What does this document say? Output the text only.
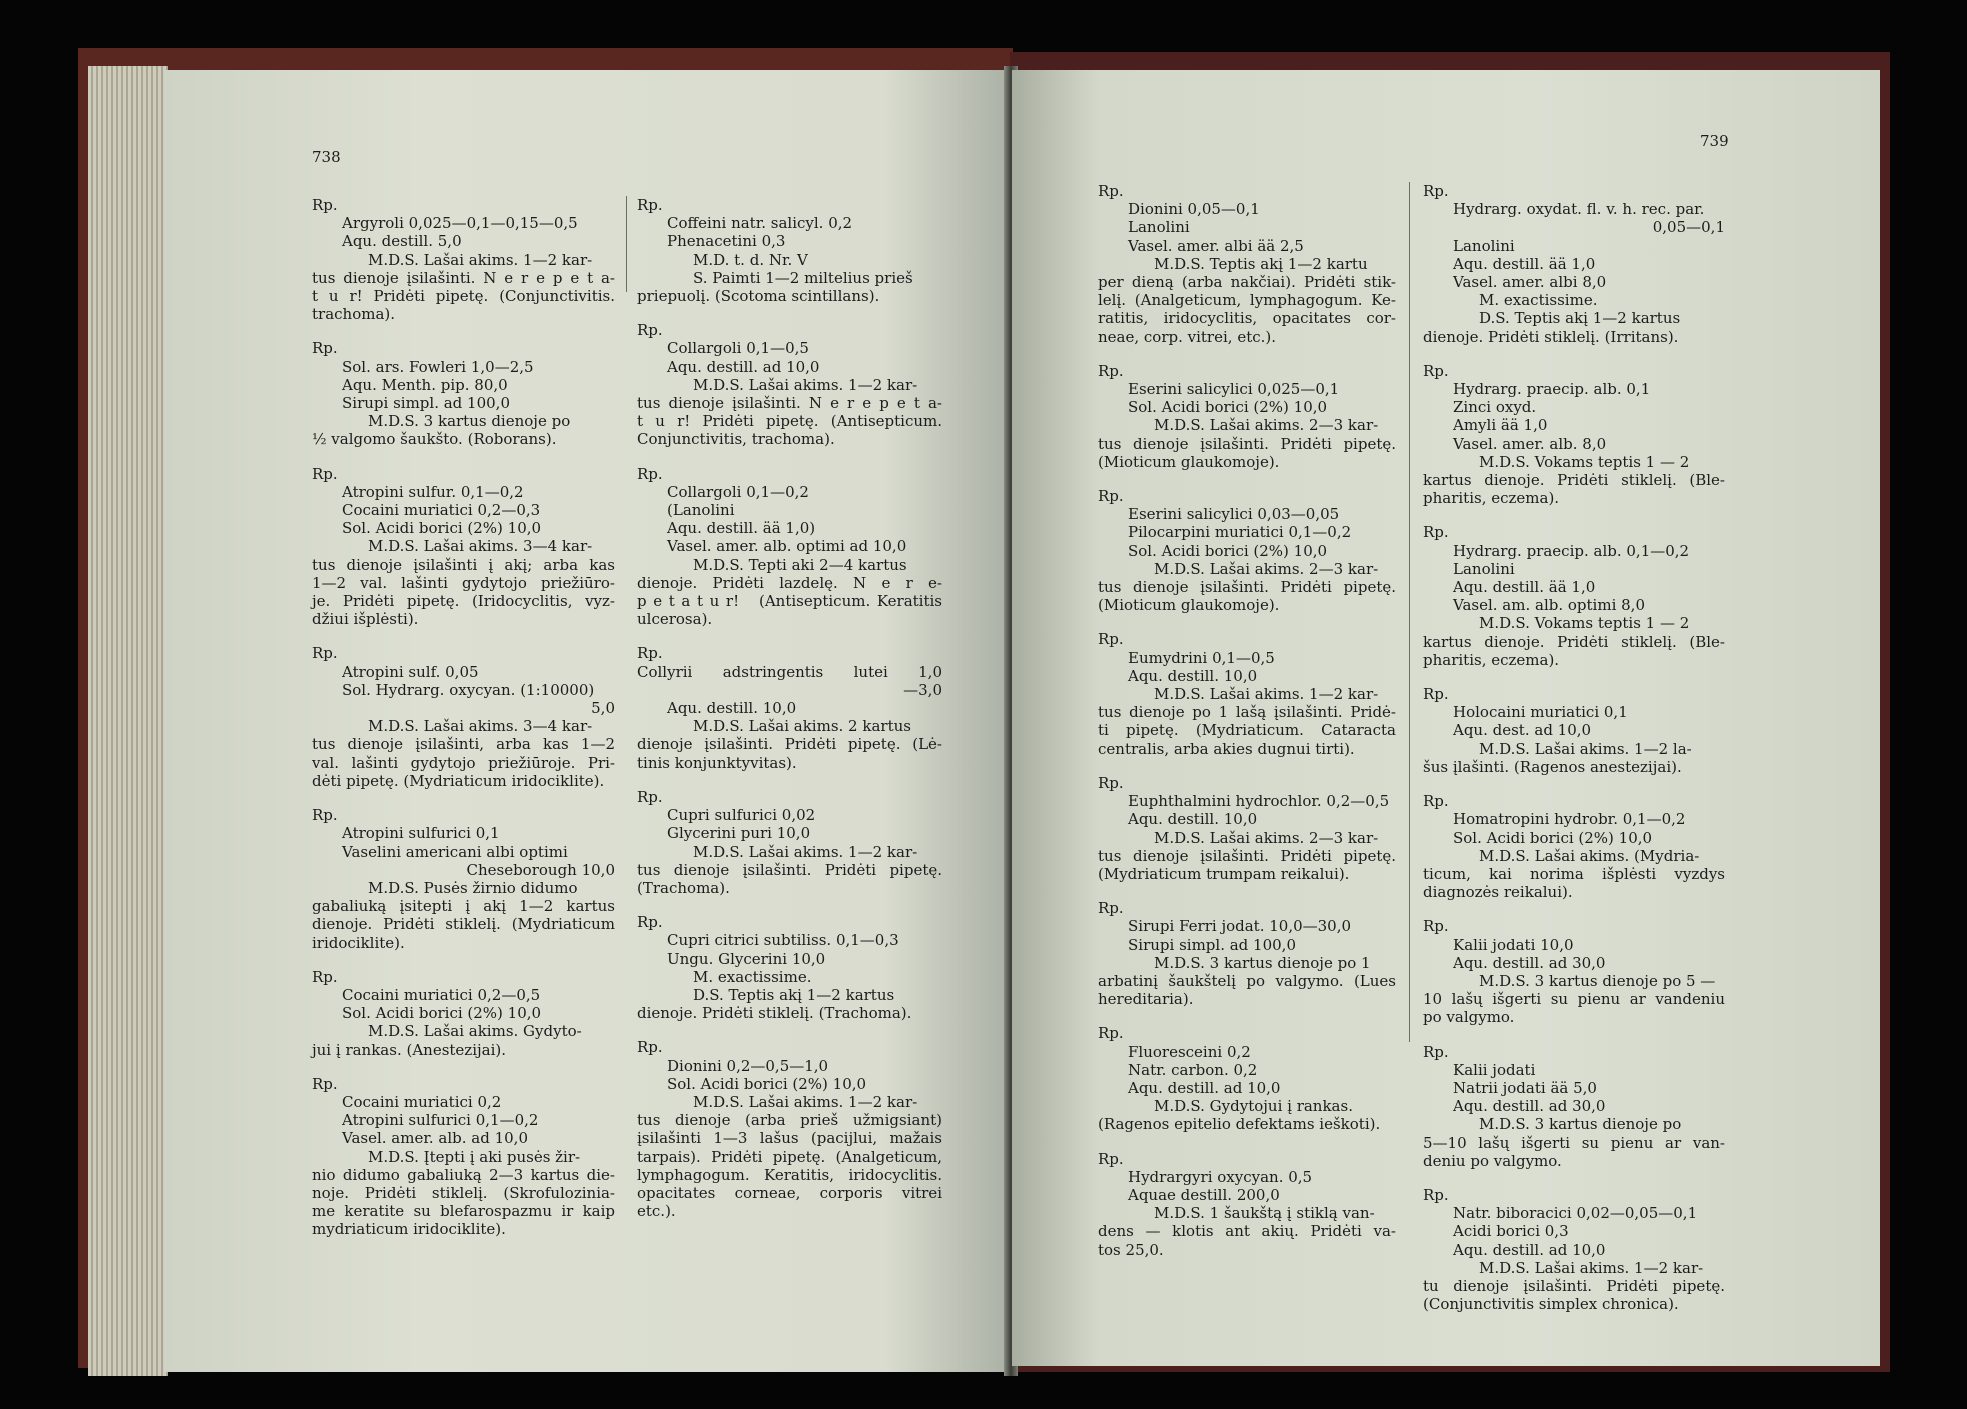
738
Rp.
Argyroli 0,025—0,1—0,15—0,5
Aqu. destill. 5,0
M.D.S. Lašai akims. 1—2 kar-
tus dienoje įsilašinti. N e r e p e t a-
t u r! Pridėti pipetę. (Conjunctivitis.
trachoma).
Rp.
Sol. ars. Fowleri 1,0—2,5
Aqu. Menth. pip. 80,0
Sirupi simpl. ad 100,0
M.D.S. 3 kartus dienoje po
½ valgomo šaukšto. (Roborans).
Rp.
Atropini sulfur. 0,1—0,2
Cocaini muriatici 0,2—0,3
Sol. Acidi borici (2%) 10,0
M.D.S. Lašai akims. 3—4 kar-
tus dienoje įsilašinti į akį; arba kas
1—2 val. lašinti gydytojo priežiūro-
je. Pridėti pipetę. (Iridocyclitis, vyz-
džiui išplėsti).
Rp.
Atropini sulf. 0,05
Sol. Hydrarg. oxycyan. (1:10000)
5,0
M.D.S. Lašai akims. 3—4 kar-
tus dienoje įsilašinti, arba kas 1—2
val. lašinti gydytojo priežiūroje. Pri-
dėti pipetę. (Mydriaticum iridociklite).
Rp.
Atropini sulfurici 0,1
Vaselini americani albi optimi
Cheseborough 10,0
M.D.S. Pusės žirnio didumo
gabaliuką įsitepti į akį 1—2 kartus
dienoje. Pridėti stiklelį. (Mydriaticum
iridociklite).
Rp.
Cocaini muriatici 0,2—0,5
Sol. Acidi borici (2%) 10,0
M.D.S. Lašai akims. Gydyto-
jui į rankas. (Anestezijai).
Rp.
Cocaini muriatici 0,2
Atropini sulfurici 0,1—0,2
Vasel. amer. alb. ad 10,0
M.D.S. Įtepti į aki pusės žir-
nio didumo gabaliuką 2—3 kartus die-
noje. Pridėti stiklelį. (Skrofulozinia-
me keratite su blefarospazmu ir kaip
mydriaticum iridociklite).
Rp.
Coffeini natr. salicyl. 0,2
Phenacetini 0,3
M.D. t. d. Nr. V
S. Paimti 1—2 miltelius prieš
priepuolį. (Scotoma scintillans).
Rp.
Collargoli 0,1—0,5
Aqu. destill. ad 10,0
M.D.S. Lašai akims. 1—2 kar-
tus dienoje įsilašinti. N e r e p e t a-
t u r! Pridėti pipetę. (Antisepticum.
Conjunctivitis, trachoma).
Rp.
Collargoli 0,1—0,2
(Lanolini
Aqu. destill. ää 1,0)
Vasel. amer. alb. optimi ad 10,0
M.D.S. Tepti aki 2—4 kartus
dienoje. Pridėti lazdelę. N e r e-
p e t a t u r!   (Antisepticum. Keratitis
ulcerosa).
Rp.
Collyrii adstringentis lutei 1,0
—3,0
Aqu. destill. 10,0
M.D.S. Lašai akims. 2 kartus
dienoje įsilašinti. Pridėti pipetę. (Lė-
tinis konjunktyvitas).
Rp.
Cupri sulfurici 0,02
Glycerini puri 10,0
M.D.S. Lašai akims. 1—2 kar-
tus dienoje įsilašinti. Pridėti pipetę.
(Trachoma).
Rp.
Cupri citrici subtiliss. 0,1—0,3
Ungu. Glycerini 10,0
M. exactissime.
D.S. Teptis akį 1—2 kartus
dienoje. Pridėti stiklelį. (Trachoma).
Rp.
Dionini 0,2—0,5—1,0
Sol. Acidi borici (2%) 10,0
M.D.S. Lašai akims. 1—2 kar-
tus dienoje (arba prieš užmigsiant)
įsilašinti 1—3 lašus (pacijlui, mažais
tarpais). Pridėti pipetę. (Analgeticum,
lymphagogum. Keratitis, iridocyclitis.
opacitates corneae, corporis vitrei
etc.).
739
Rp.
Dionini 0,05—0,1
Lanolini
Vasel. amer. albi ää 2,5
M.D.S. Teptis akį 1—2 kartu
per dieną (arba nakčiai). Pridėti stik-
lelį. (Analgeticum, lymphagogum. Ke-
ratitis, iridocyclitis, opacitates cor-
neae, corp. vitrei, etc.).
Rp.
Eserini salicylici 0,025—0,1
Sol. Acidi borici (2%) 10,0
M.D.S. Lašai akims. 2—3 kar-
tus dienoje įsilašinti. Pridėti pipetę.
(Mioticum glaukomoje).
Rp.
Eserini salicylici 0,03—0,05
Pilocarpini muriatici 0,1—0,2
Sol. Acidi borici (2%) 10,0
M.D.S. Lašai akims. 2—3 kar-
tus dienoje įsilašinti. Pridėti pipetę.
(Mioticum glaukomoje).
Rp.
Eumydrini 0,1—0,5
Aqu. destill. 10,0
M.D.S. Lašai akims. 1—2 kar-
tus dienoje po 1 lašą įsilašinti. Pridė-
ti pipetę. (Mydriaticum. Cataracta
centralis, arba akies dugnui tirti).
Rp.
Euphthalmini hydrochlor. 0,2—0,5
Aqu. destill. 10,0
M.D.S. Lašai akims. 2—3 kar-
tus dienoje įsilašinti. Pridėti pipetę.
(Mydriaticum trumpam reikalui).
Rp.
Sirupi Ferri jodat. 10,0—30,0
Sirupi simpl. ad 100,0
M.D.S. 3 kartus dienoje po 1
arbatinį šaukštelį po valgymo. (Lues
hereditaria).
Rp.
Fluoresceini 0,2
Natr. carbon. 0,2
Aqu. destill. ad 10,0
M.D.S. Gydytojui į rankas.
(Ragenos epitelio defektams ieškoti).
Rp.
Hydrargyri oxycyan. 0,5
Aquae destill. 200,0
M.D.S. 1 šaukštą į stiklą van-
dens — klotis ant akių. Pridėti va-
tos 25,0.
Rp.
Hydrarg. oxydat. fl. v. h. rec. par.
0,05—0,1
Lanolini
Aqu. destill. ää 1,0
Vasel. amer. albi 8,0
M. exactissime.
D.S. Teptis akį 1—2 kartus
dienoje. Pridėti stiklelį. (Irritans).
Rp.
Hydrarg. praecip. alb. 0,1
Zinci oxyd.
Amyli ää 1,0
Vasel. amer. alb. 8,0
M.D.S. Vokams teptis 1 — 2
kartus dienoje. Pridėti stiklelį. (Ble-
pharitis, eczema).
Rp.
Hydrarg. praecip. alb. 0,1—0,2
Lanolini
Aqu. destill. ää 1,0
Vasel. am. alb. optimi 8,0
M.D.S. Vokams teptis 1 — 2
kartus dienoje. Pridėti stiklelį. (Ble-
pharitis, eczema).
Rp.
Holocaini muriatici 0,1
Aqu. dest. ad 10,0
M.D.S. Lašai akims. 1—2 la-
šus įlašinti. (Ragenos anestezijai).
Rp.
Homatropini hydrobr. 0,1—0,2
Sol. Acidi borici (2%) 10,0
M.D.S. Lašai akims. (Mydria-
ticum, kai norima išplėsti vyzdys
diagnozės reikalui).
Rp.
Kalii jodati 10,0
Aqu. destill. ad 30,0
M.D.S. 3 kartus dienoje po 5 —
10 lašų išgerti su pienu ar vandeniu
po valgymo.
Rp.
Kalii jodati
Natrii jodati ää 5,0
Aqu. destill. ad 30,0
M.D.S. 3 kartus dienoje po
5—10 lašų išgerti su pienu ar van-
deniu po valgymo.
Rp.
Natr. biboracici 0,02—0,05—0,1
Acidi borici 0,3
Aqu. destill. ad 10,0
M.D.S. Lašai akims. 1—2 kar-
tu dienoje įsilašinti. Pridėti pipetę.
(Conjunctivitis simplex chronica).
